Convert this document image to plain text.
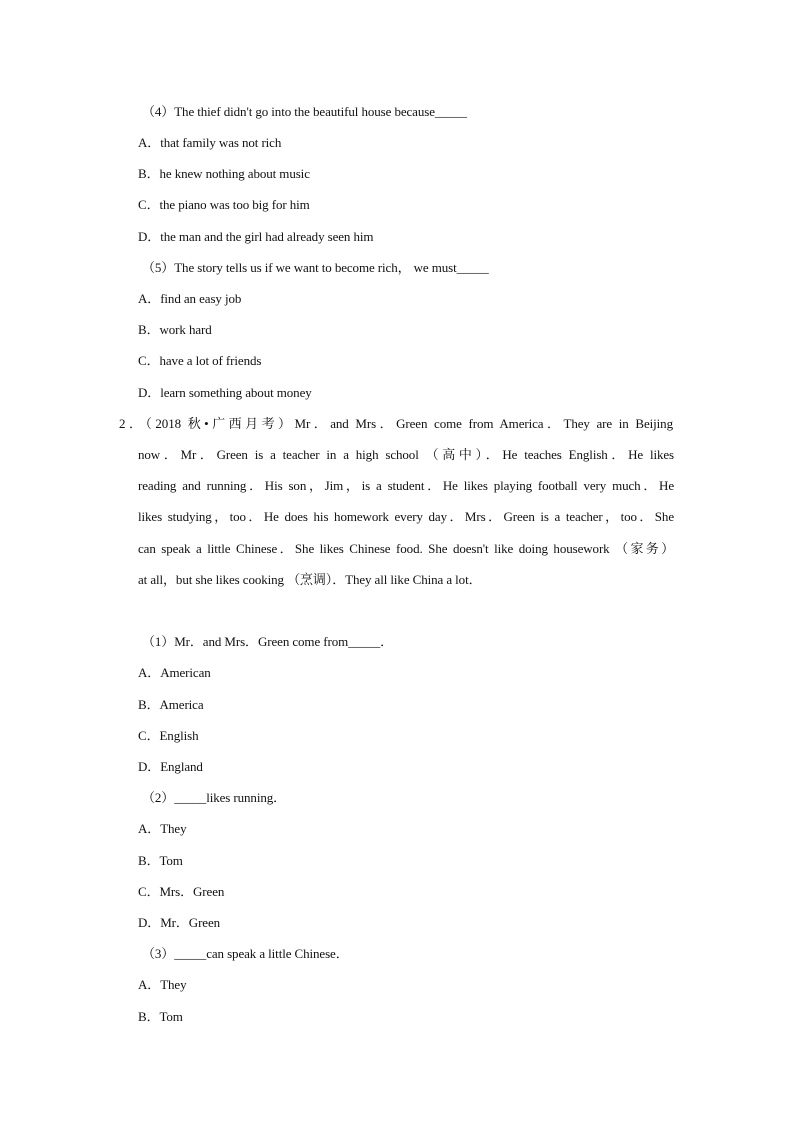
（4）The thief didn't go into the beautiful house because_____
A．that family was not rich
B．he knew nothing about music
C．the piano was too big for him
D．the man and the girl had already seen him
（5）The story tells us if we want to become rich， we must_____
A．find an easy job
B．work hard
C．have a lot of friends
D．learn something about money
2．（2018 秋•广西月考）Mr．and Mrs．Green come from America．They are in Beijing
now．Mr．Green is a teacher in a high school （高中）．He teaches English．He likes
reading and running．His son，Jim，is a student．He likes playing football very much．He
likes studying，too．He does his homework every day．Mrs．Green is a teacher，too．She
can speak a little Chinese．She likes Chinese food. She doesn't like doing housework （家务）
at all，but she likes cooking （烹调）．They all like China a lot．
（1）Mr．and Mrs．Green come from_____．
A．American
B．America
C．English
D．England
（2）_____likes running．
A．They
B．Tom
C．Mrs．Green
D．Mr．Green
（3）_____can speak a little Chinese．
A．They
B．Tom
